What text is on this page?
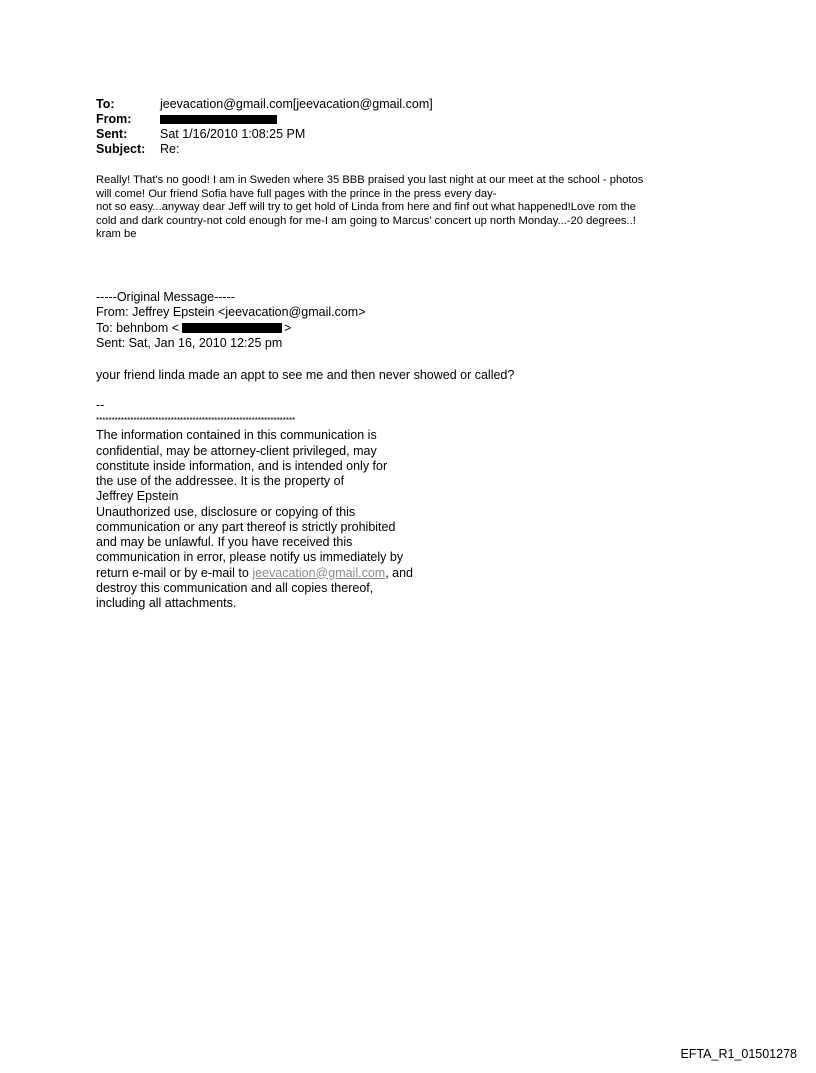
To:	jeevacation@gmail.com[jeevacation@gmail.com]
From:
Sent:	Sat 1/16/2010 1:08:25 PM
Subject:	Re:
Really! That's no good! I am in Sweden where 35 BBB praised you last night at our meet at the school - photos
will come! Our friend Sofia have full pages with the prince in the press every day-
not so easy...anyway dear Jeff will try to get hold of Linda from here and finf out what happened!Love rom the
cold and dark country-not cold enough for me-I am going to Marcus' concert up north Monday...-20 degrees..!
kram be
-----Original Message-----
From: Jeffrey Epstein <jeevacation@gmail.com>
To: behnbom <	>
Sent: Sat, Jan 16, 2010 12:25 pm
your friend linda made an appt to see me and then never showed or called?
--
****************************************************************
The information contained in this communication is
confidential, may be attorney-client privileged, may
constitute inside information, and is intended only for
the use of the addressee. It is the property of
Jeffrey Epstein
Unauthorized use, disclosure or copying of this
communication or any part thereof is strictly prohibited
and may be unlawful. If you have received this
communication in error, please notify us immediately by
return e-mail or by e-mail to jeevacation@gmail.com, and
destroy this communication and all copies thereof,
including all attachments.
EFTA_R1_01501278
